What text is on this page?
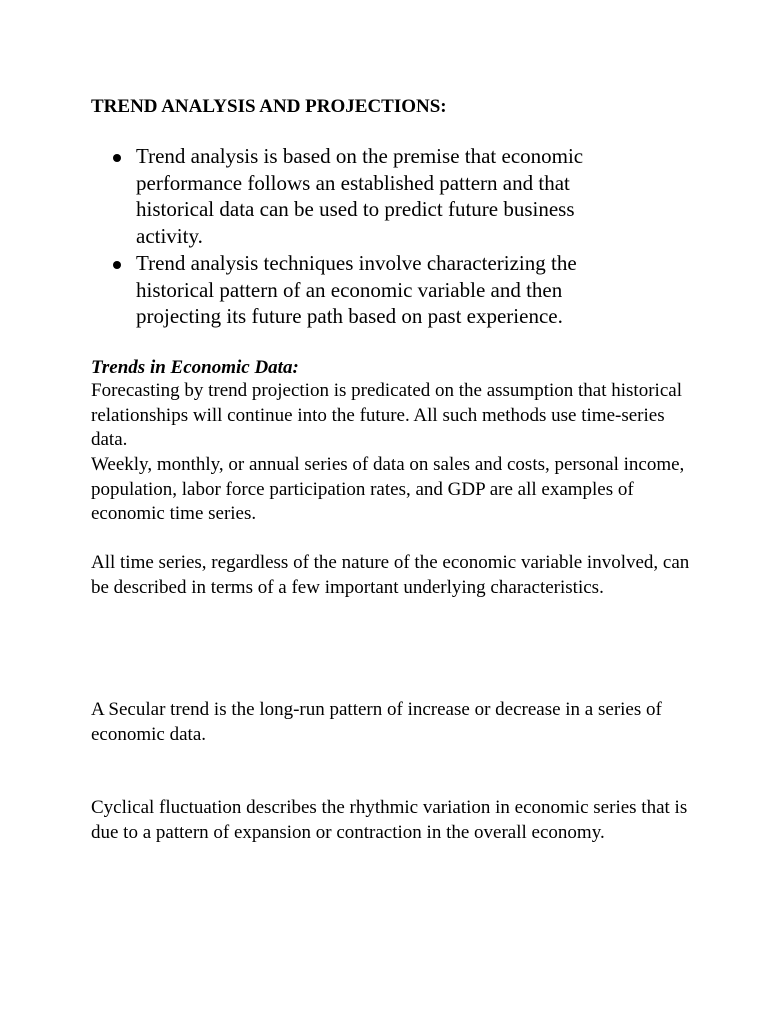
TREND ANALYSIS AND PROJECTIONS:
Trend analysis is based on the premise that economic performance follows an established pattern and that historical data can be used to predict future business activity.
Trend analysis techniques involve characterizing the historical pattern of an economic variable and then projecting its future path based on past experience.
Trends in Economic Data:

Forecasting by trend projection is predicated on the assumption that historical relationships will continue into the future. All such methods use time-series data.

Weekly, monthly, or annual series of data on sales and costs, personal income, population, labor force participation rates, and GDP are all examples of economic time series.

All time series, regardless of the nature of the economic variable involved, can be described in terms of a few important underlying characteristics.

A Secular trend is the long-run pattern of increase or decrease in a series of economic data.

Cyclical fluctuation describes the rhythmic variation in economic series that is due to a pattern of expansion or contraction in the overall economy.
